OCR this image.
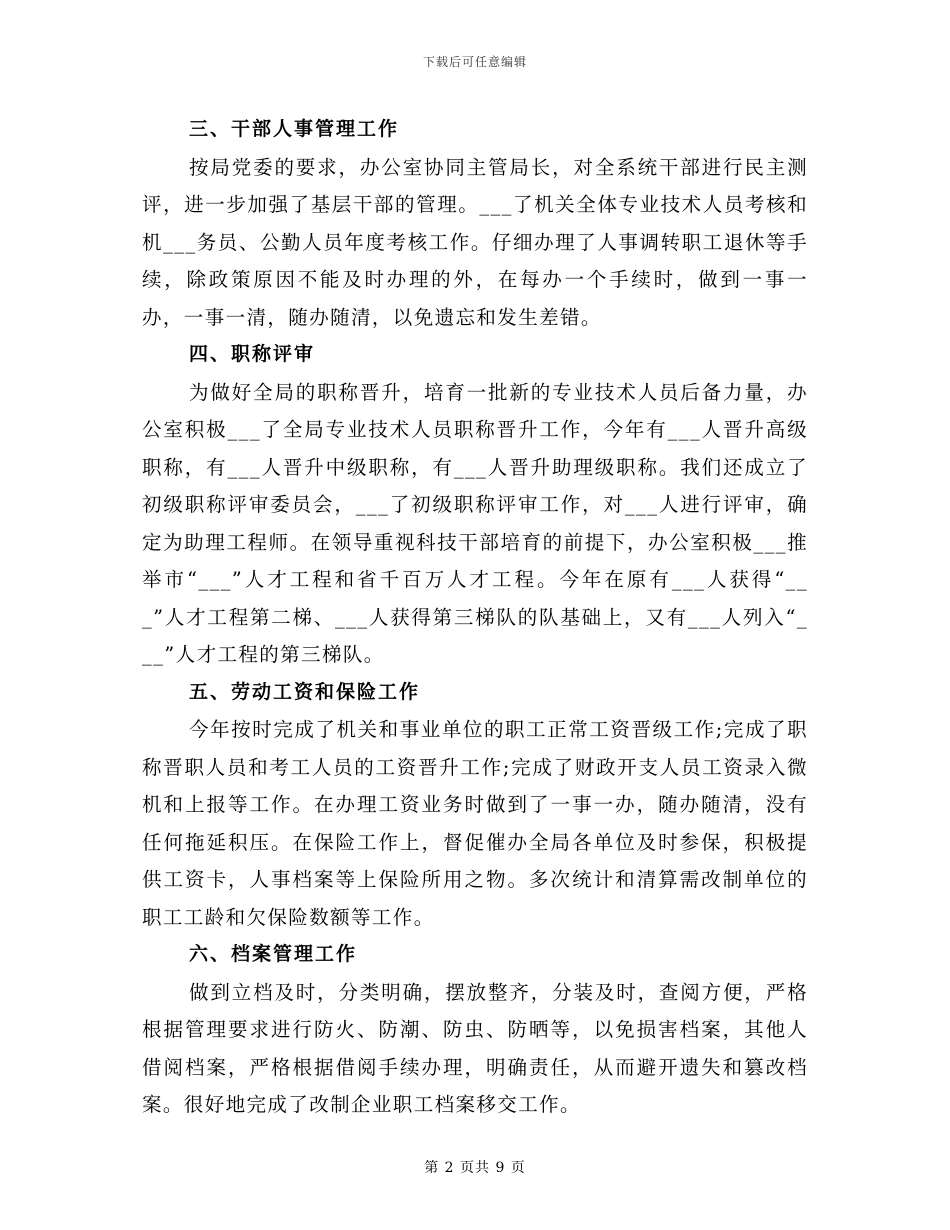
下载后可任意编辑

三、干部人事管理工作

按局党委的要求，办公室协同主管局长，对全系统干部进行民主测评，进一步加强了基层干部的管理。___了机关全体专业技术人员考核和机___务员、公勤人员年度考核工作。仔细办理了人事调转职工退休等手续，除政策原因不能及时办理的外，在每办一个手续时，做到一事一办，一事一清，随办随清，以免遗忘和发生差错。

四、职称评审

为做好全局的职称晋升，培育一批新的专业技术人员后备力量，办公室积极___了全局专业技术人员职称晋升工作，今年有___人晋升高级职称，有___人晋升中级职称，有___人晋升助理级职称。我们还成立了初级职称评审委员会，___了初级职称评审工作，对___人进行评审，确定为助理工程师。在领导重视科技干部培育的前提下，办公室积极___推举市“___”人才工程和省千百万人才工程。今年在原有___人获得“___”人才工程第二梯、___人获得第三梯队的队基础上，又有___人列入“___”人才工程的第三梯队。

五、劳动工资和保险工作

今年按时完成了机关和事业单位的职工正常工资晋级工作;完成了职称晋职人员和考工人员的工资晋升工作;完成了财政开支人员工资录入微机和上报等工作。在办理工资业务时做到了一事一办，随办随清，没有任何拖延积压。在保险工作上，督促催办全局各单位及时参保，积极提供工资卡，人事档案等上保险所用之物。多次统计和清算需改制单位的职工工龄和欠保险数额等工作。

六、档案管理工作

做到立档及时，分类明确，摆放整齐，分装及时，查阅方便，严格根据管理要求进行防火、防潮、防虫、防晒等，以免损害档案，其他人借阅档案，严格根据借阅手续办理，明确责任，从而避开遗失和篡改档案。很好地完成了改制企业职工档案移交工作。

第 2 页共 9 页
